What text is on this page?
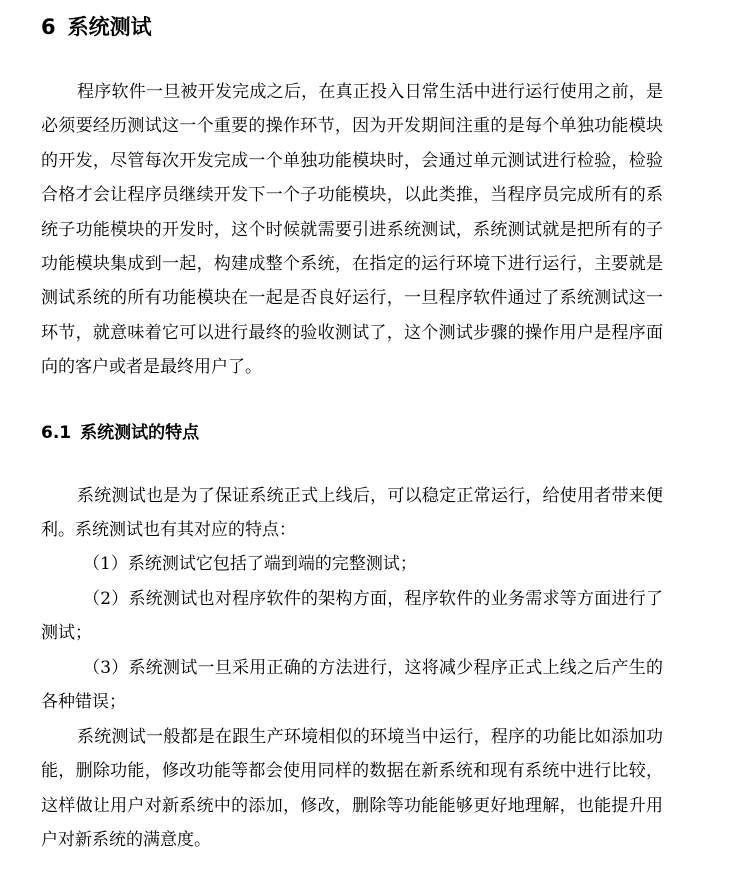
6 系统测试

程序软件一旦被开发完成之后，在真正投入日常生活中进行运行使用之前，是必须要经历测试这一个重要的操作环节，因为开发期间注重的是每个单独功能模块的开发，尽管每次开发完成一个单独功能模块时，会通过单元测试进行检验，检验合格才会让程序员继续开发下一个子功能模块，以此类推，当程序员完成所有的系统子功能模块的开发时，这个时候就需要引进系统测试，系统测试就是把所有的子功能模块集成到一起，构建成整个系统，在指定的运行环境下进行运行，主要就是测试系统的所有功能模块在一起是否良好运行，一旦程序软件通过了系统测试这一环节，就意味着它可以进行最终的验收测试了，这个测试步骤的操作用户是程序面向的客户或者是最终用户了。

6.1 系统测试的特点

系统测试也是为了保证系统正式上线后，可以稳定正常运行，给使用者带来便利。系统测试也有其对应的特点：

（1）系统测试它包括了端到端的完整测试；

（2）系统测试也对程序软件的架构方面，程序软件的业务需求等方面进行了测试；

（3）系统测试一旦采用正确的方法进行，这将减少程序正式上线之后产生的各种错误；

系统测试一般都是在跟生产环境相似的环境当中运行，程序的功能比如添加功能，删除功能，修改功能等都会使用同样的数据在新系统和现有系统中进行比较，这样做让用户对新系统中的添加，修改，删除等功能能够更好地理解，也能提升用户对新系统的满意度。
